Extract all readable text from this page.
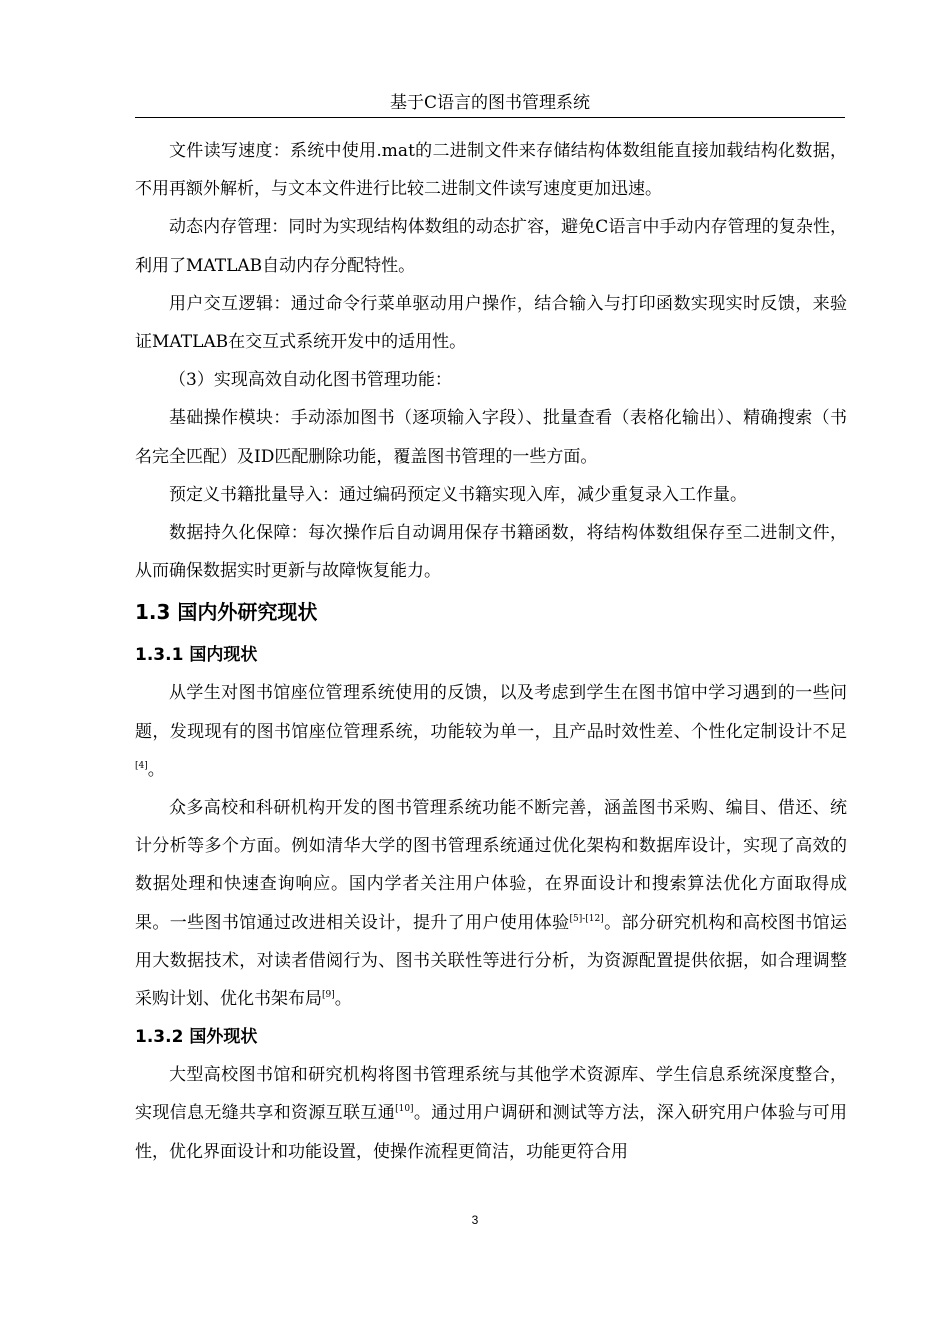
基于C语言的图书管理系统

文件读写速度：系统中使用.mat的二进制文件来存储结构体数组能直接加载结构化数据，不用再额外解析，与文本文件进行比较二进制文件读写速度更加迅速。

动态内存管理：同时为实现结构体数组的动态扩容，避免C语言中手动内存管理的复杂性，利用了MATLAB自动内存分配特性。

用户交互逻辑：通过命令行菜单驱动用户操作，结合输入与打印函数实现实时反馈，来验证MATLAB在交互式系统开发中的适用性。

（3）实现高效自动化图书管理功能：

基础操作模块：手动添加图书（逐项输入字段）、批量查看（表格化输出）、精确搜索（书名完全匹配）及ID匹配删除功能，覆盖图书管理的一些方面。

预定义书籍批量导入：通过编码预定义书籍实现入库，减少重复录入工作量。

数据持久化保障：每次操作后自动调用保存书籍函数，将结构体数组保存至二进制文件，从而确保数据实时更新与故障恢复能力。

1.3 国内外研究现状
1.3.1 国内现状

从学生对图书馆座位管理系统使用的反馈，以及考虑到学生在图书馆中学习遇到的一些问题，发现现有的图书馆座位管理系统，功能较为单一，且产品时效性差、个性化定制设计不足[4]。

众多高校和科研机构开发的图书管理系统功能不断完善，涵盖图书采购、编目、借还、统计分析等多个方面。例如清华大学的图书管理系统通过优化架构和数据库设计，实现了高效的数据处理和快速查询响应。国内学者关注用户体验，在界面设计和搜索算法优化方面取得成果。一些图书馆通过改进相关设计，提升了用户使用体验[5]-[12]。部分研究机构和高校图书馆运用大数据技术，对读者借阅行为、图书关联性等进行分析，为资源配置提供依据，如合理调整采购计划、优化书架布局[9]。

1.3.2 国外现状

大型高校图书馆和研究机构将图书管理系统与其他学术资源库、学生信息系统深度整合，实现信息无缝共享和资源互联互通[10]。通过用户调研和测试等方法，深入研究用户体验与可用性，优化界面设计和功能设置，使操作流程更简洁，功能更符合用

3
